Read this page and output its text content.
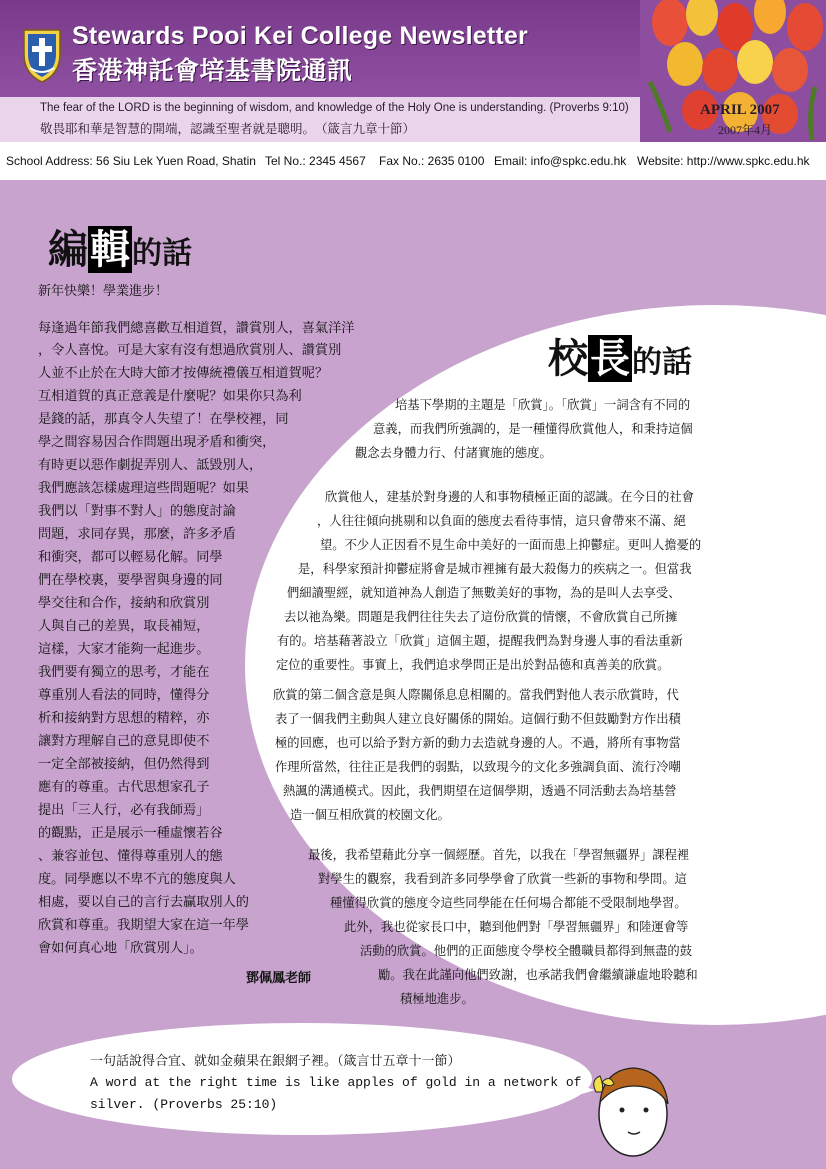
Stewards Pooi Kei College Newsletter
香港神託會培基書院通訊
The fear of the LORD is the beginning of wisdom, and knowledge of the Holy One is understanding. (Proverbs 9:10)
敬畏耶和華是智慧的開端，認識至聖者就是聰明。　（箴言九章十節）
APRIL 2007
2007年4月
School Address: 56 Siu Lek Yuen Road, Shatin Tel No.: 2345 4567 Fax No.: 2635 0100 Email: info@spkc.edu.hk Website: http://www.spkc.edu.hk
編輯的話
新年快樂！學業進步！
每逢過年節我們總喜歡互相道賀，讚賞別人，喜氣洋洋
，令人喜悅。可是大家有沒有想過欣賞別人、讚賞別
人並不止於在大時大節才按傳統禮儀互相道賀呢？
互相道賀的真正意義是什麼呢？如果你只為利
是錢的話，那真令人失望了！在學校裡，同
學之間容易因合作問題出現矛盾和衝突，
有時更以惡作劇捉弄別人、詆毀別人，
我們應該怎樣處理這些問題呢？如果
我們以「對事不對人」的態度討論
問題，求同存異，那麼，許多矛盾
和衝突，都可以輕易化解。同學
們在學校裏，要學習與身邊的同
學交往和合作，接納和欣賞別
人與自己的差異，取長補短，
這樣，大家才能夠一起進步。
我們要有獨立的思考，才能在
尊重別人看法的同時，懂得分
析和接納對方思想的精粹，亦
讓對方理解自己的意見即使不
一定全部被接納，但仍然得到
應有的尊重。古代思想家孔子
提出「三人行，必有我師焉」
的觀點，正是展示一種虛懷若谷
、兼容並包、懂得尊重別人的態
度。同學應以不卑不亢的態度與人
相處，要以自己的言行去贏取別人的
欣賞和尊重。我期望大家在這一年學
會如何真心地「欣賞別人」。
鄧佩鳳老師
校長的話
培基下學期的主題是「欣賞」。「欣賞」一詞含有不同的
意義，而我們所強調的，是一種懂得欣賞他人，和秉持這個
觀念去身體力行、付諸實施的態度。
欣賞他人，建基於對身邊的人和事物積極正面的認識。在今日的社會
，人往往傾向挑剔和以負面的態度去看待事情，這只會帶來不滿、絕
望。不少人正因看不見生命中美好的一面而患上抑鬱症。更叫人擔憂的
是，科學家預計抑鬱症將會是城市裡擁有最大殺傷力的疾病之一。但當我
們細讀聖經，就知道神為人創造了無數美好的事物，為的是叫人去享受、
去以祂為樂。問題是我們往往失去了這份欣賞的情懷，不會欣賞自己所擁
有的。培基藉著設立「欣賞」這個主題，提醒我們為對身邊人事的看法重新
定位的重要性。事實上，我們追求學問正是出於對品德和真善美的欣賞。
欣賞的第二個含意是與人際關係息息相關的。當我們對他人表示欣賞時，代
表了一個我們主動與人建立良好關係的開始。這個行動不但鼓勵對方作出積
極的回應，也可以給予對方新的動力去造就身邊的人。不過，將所有事物當
作理所當然，往往正是我們的弱點，以致現今的文化多強調負面、流行冷嘲
熱諷的溝通模式。因此，我們期望在這個學期，透過不同活動去為培基營
造一個互相欣賞的校園文化。
最後，我希望藉此分享一個經歷。首先，以我在「學習無疆界」課程裡
對學生的觀察，我看到許多同學學會了欣賞一些新的事物和學問。這
種懂得欣賞的態度令這些同學能在任何場合都能不受限制地學習。
此外，我也從家長口中，聽到他們對「學習無疆界」和陸運會等
活動的欣賞。他們的正面態度令學校全體職員都得到無盡的鼓
勵。我在此謹向他們致謝，也承諾我們會繼續謙虛地聆聽和
積極地進步。
一句話說得合宜、就如金蘋果在銀網子裡。（箴言廿五章十一節）
A word at the right time is like apples of gold in a network of
silver. (Proverbs 25:10)
